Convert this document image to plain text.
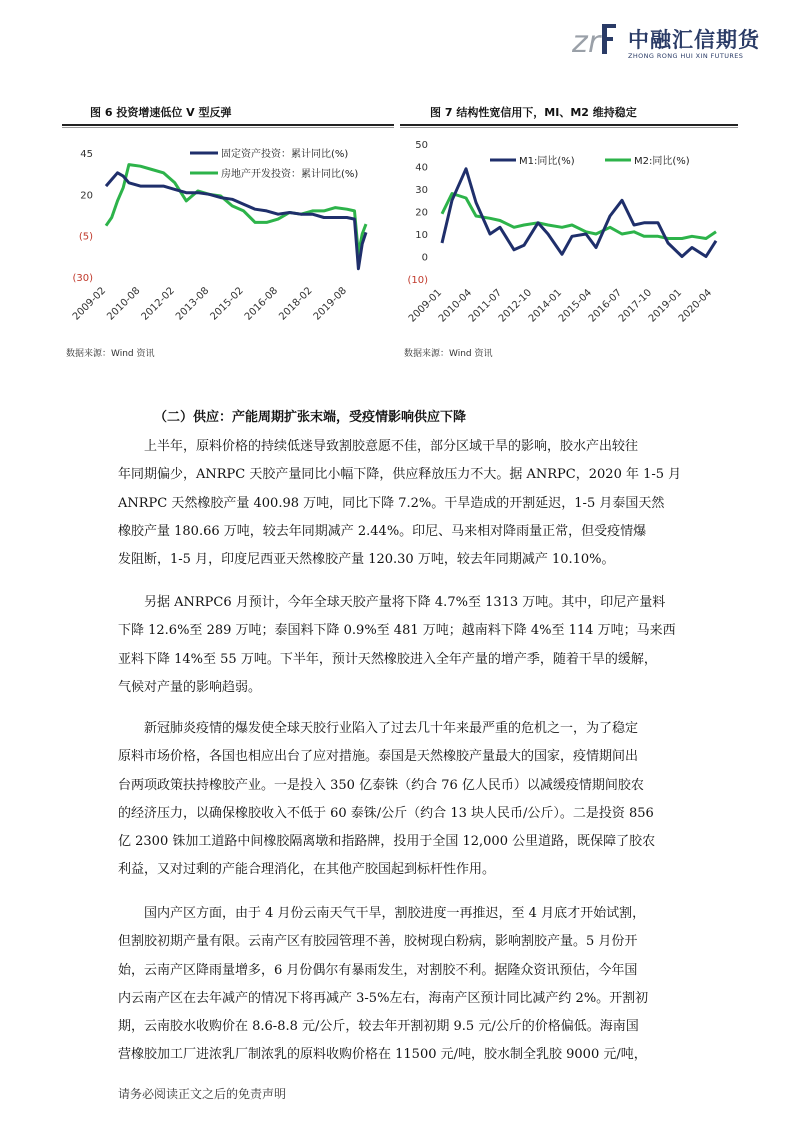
z r 中融汇信期货
ZHONG RONG HUI XIN FUTURES
图 6 投资增速低位 V 型反弹	图 7 结构性宽信用下，MI、M2 维持稳定
45
20
(5)
(30)
2009-02
2010-08
2012-02
2013-08
2015-02
2016-08
2018-02
2019-08
固定资产投资：累计同比(%)
房地产开发投资：累计同比(%)
50
40
30
20
10
0
(10)
2009-01
2010-04
2011-07
2012-10
2014-01
2015-04
2016-07
2017-10
2019-01
2020-04
M1:同比(%)	M2:同比(%)
数据来源：Wind 资讯	数据来源：Wind 资讯
（二）供应：产能周期扩张末端，受疫情影响供应下降
上半年，原料价格的持续低迷导致割胶意愿不佳，部分区域干旱的影响，胶水产出较往
年同期偏少，ANRPC 天胶产量同比小幅下降，供应释放压力不大。据 ANRPC，2020 年 1-5 月
ANRPC 天然橡胶产量 400.98 万吨，同比下降 7.2%。干旱造成的开割延迟，1-5 月泰国天然
橡胶产量 180.66 万吨，较去年同期减产 2.44%。印尼、马来相对降雨量正常，但受疫情爆
发阻断，1-5 月，印度尼西亚天然橡胶产量 120.30 万吨，较去年同期减产 10.10%。
另据 ANRPC6 月预计，今年全球天胶产量将下降 4.7%至 1313 万吨。其中，印尼产量料
下降 12.6%至 289 万吨；泰国料下降 0.9%至 481 万吨；越南料下降 4%至 114 万吨；马来西
亚料下降 14%至 55 万吨。下半年，预计天然橡胶进入全年产量的增产季，随着干旱的缓解，
气候对产量的影响趋弱。
新冠肺炎疫情的爆发使全球天胶行业陷入了过去几十年来最严重的危机之一，为了稳定
原料市场价格，各国也相应出台了应对措施。泰国是天然橡胶产量最大的国家，疫情期间出
台两项政策扶持橡胶产业。一是投入 350 亿泰铢（约合 76 亿人民币）以减缓疫情期间胶农
的经济压力，以确保橡胶收入不低于 60 泰铢/公斤（约合 13 块人民币/公斤）。二是投资 856
亿 2300 铢加工道路中间橡胶隔离墩和指路牌，投用于全国 12,000 公里道路，既保障了胶农
利益，又对过剩的产能合理消化，在其他产胶国起到标杆性作用。
国内产区方面，由于 4 月份云南天气干旱，割胶进度一再推迟，至 4 月底才开始试割，
但割胶初期产量有限。云南产区有胶园管理不善，胶树现白粉病，影响割胶产量。5 月份开
始，云南产区降雨量增多，6 月份偶尔有暴雨发生，对割胶不利。据隆众资讯预估，今年国
内云南产区在去年减产的情况下将再减产 3-5%左右，海南产区预计同比减产约 2%。开割初
期，云南胶水收购价在 8.6-8.8 元/公斤，较去年开割初期 9.5 元/公斤的价格偏低。海南国
营橡胶加工厂进浓乳厂制浓乳的原料收购价格在 11500 元/吨，胶水制全乳胶 9000 元/吨，
请务必阅读正文之后的免责声明
